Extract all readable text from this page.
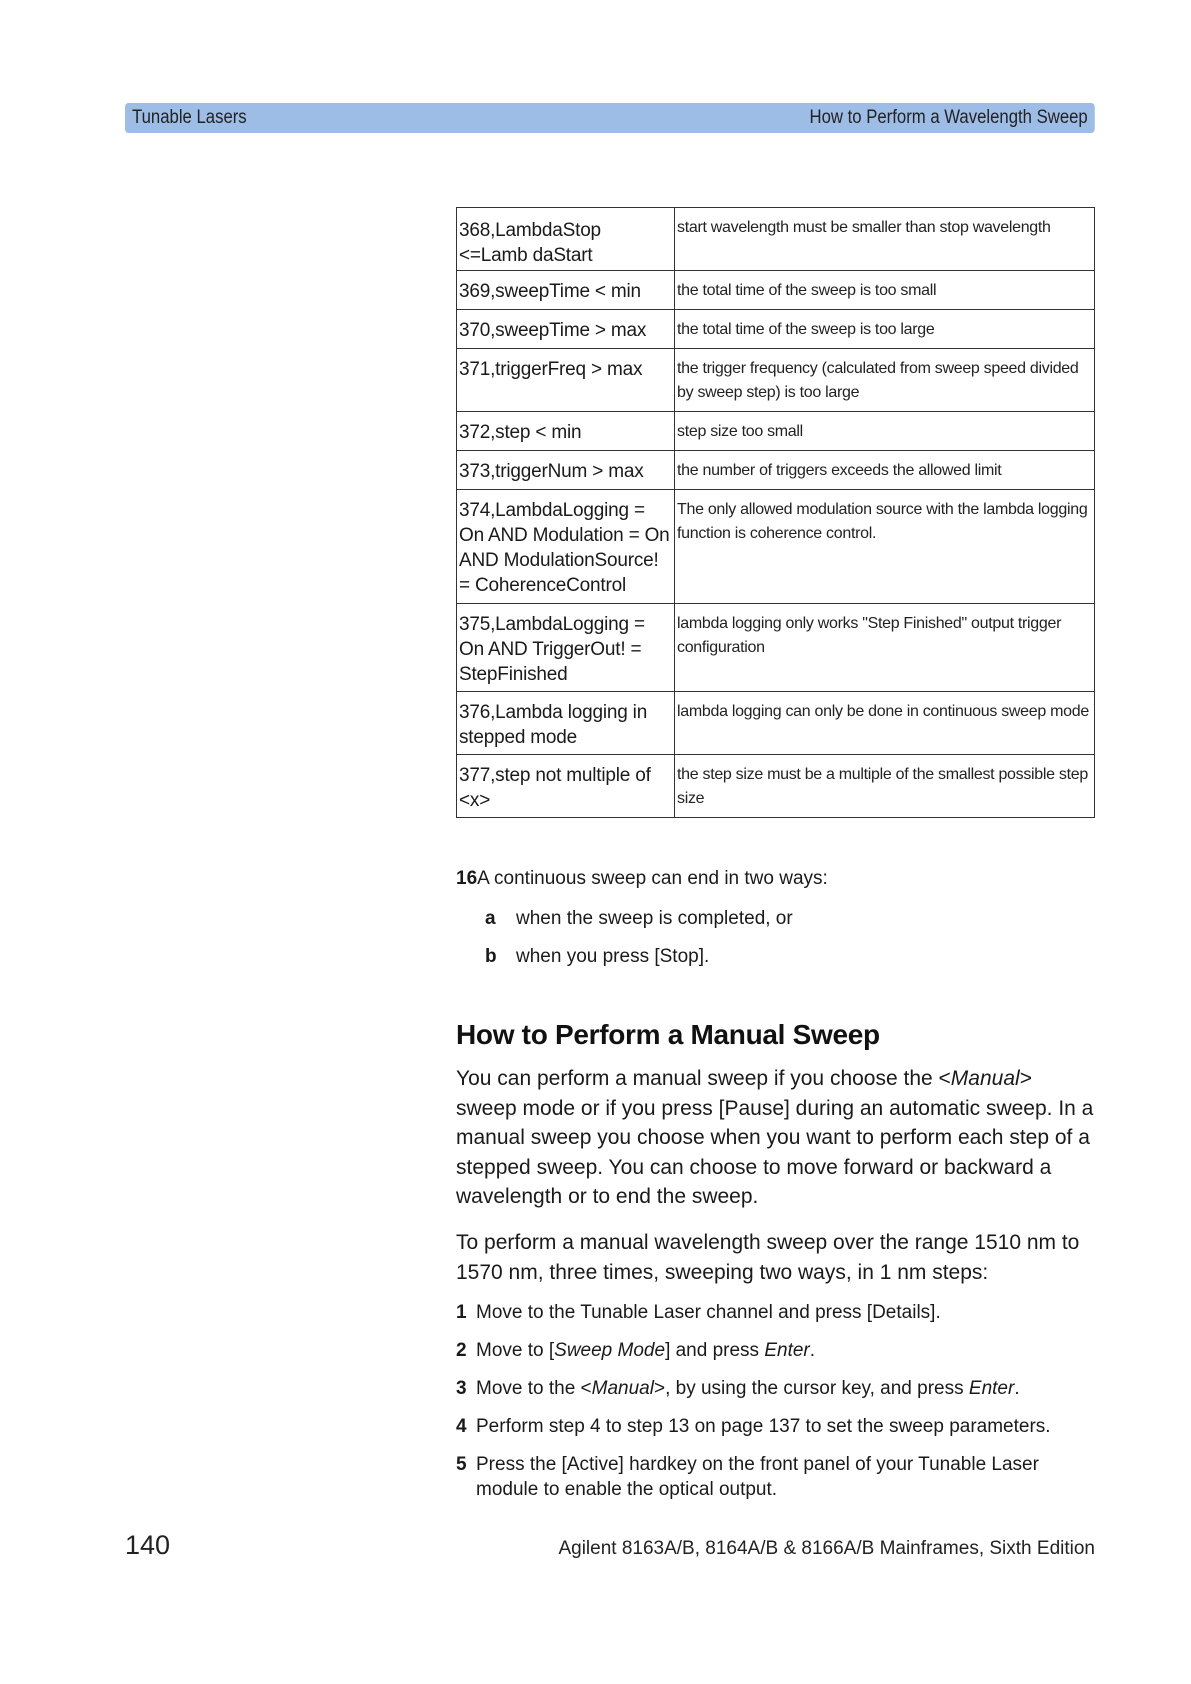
Tunable Lasers	How to Perform a Wavelength Sweep
368,LambdaStop <=Lamb daStart	start wavelength must be smaller than stop wavelength
369,sweepTime < min	the total time of the sweep is too small
370,sweepTime > max	the total time of the sweep is too large
371,triggerFreq > max	the trigger frequency (calculated from sweep speed divided by sweep step) is too large
372,step < min	step size too small
373,triggerNum > max	the number of triggers exceeds the allowed limit
374,LambdaLogging = On AND Modulation = On AND ModulationSource! = CoherenceControl	The only allowed modulation source with the lambda logging function is coherence control.
375,LambdaLogging = On AND TriggerOut! = StepFinished	lambda logging only works "Step Finished" output trigger configuration
376,Lambda logging in stepped mode	lambda logging can only be done in continuous sweep mode
377,step not multiple of <x>	the step size must be a multiple of the smallest possible step size
16A continuous sweep can end in two ways:
a when the sweep is completed, or
b when you press [Stop].
How to Perform a Manual Sweep

You can perform a manual sweep if you choose the <Manual> sweep mode or if you press [Pause] during an automatic sweep. In a manual sweep you choose when you want to perform each step of a stepped sweep. You can choose to move forward or backward a wavelength or to end the sweep.

To perform a manual wavelength sweep over the range 1510 nm to 1570 nm, three times, sweeping two ways, in 1 nm steps:

1 Move to the Tunable Laser channel and press [Details].
2 Move to [Sweep Mode] and press Enter.
3 Move to the <Manual>, by using the cursor key, and press Enter.
4 Perform step 4 to step 13 on page 137 to set the sweep parameters.
5 Press the [Active] hardkey on the front panel of your Tunable Laser module to enable the optical output.
140	Agilent 8163A/B, 8164A/B & 8166A/B Mainframes, Sixth Edition
